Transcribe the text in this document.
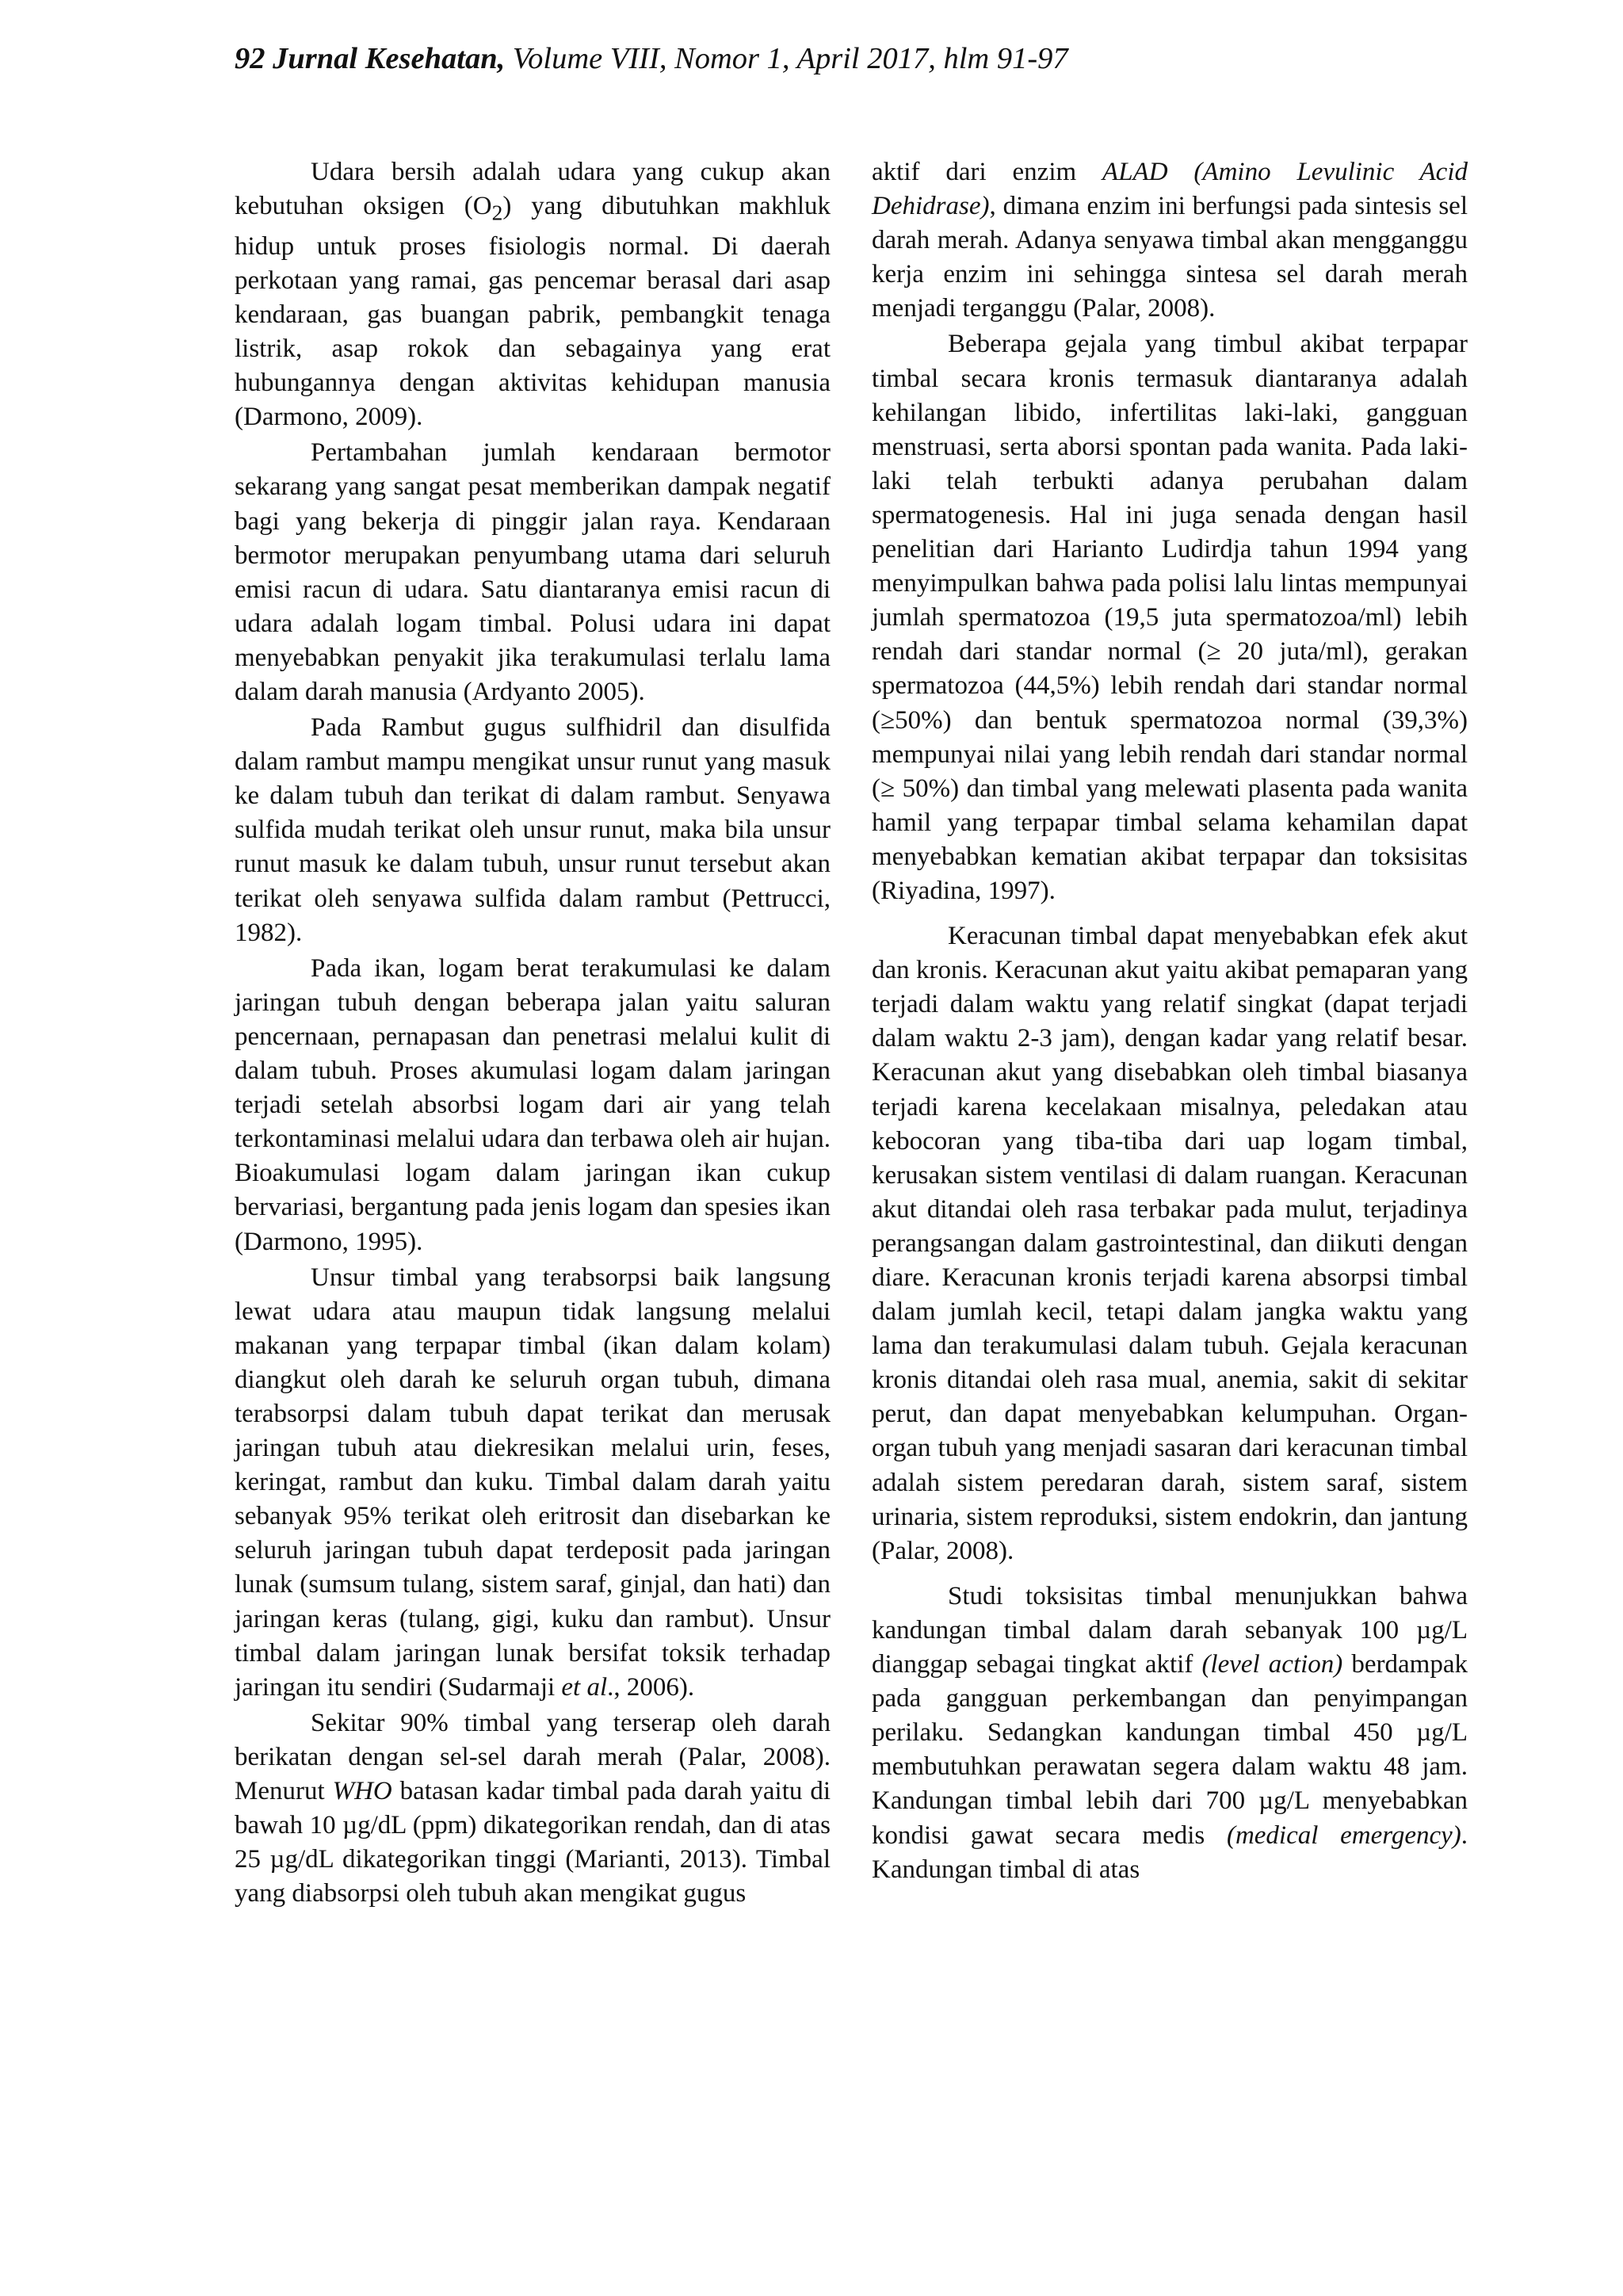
92 Jurnal Kesehatan, Volume VIII, Nomor 1, April 2017, hlm 91-97

Udara bersih adalah udara yang cukup akan kebutuhan oksigen $(O_2)$ yang dibutuhkan makhluk hidup untuk proses fisiologis normal. Di daerah perkotaan yang ramai, gas pencemar berasal dari asap kendaraan, gas buangan pabrik, pembangkit tenaga listrik, asap rokok dan sebagainya yang erat hubungannya dengan aktivitas kehidupan manusia (Darmono, 2009).

Pertambahan jumlah kendaraan bermotor sekarang yang sangat pesat memberikan dampak negatif bagi yang bekerja di pinggir jalan raya. Kendaraan bermotor merupakan penyumbang utama dari seluruh emisi racun di udara. Satu diantaranya emisi racun di udara adalah logam timbal. Polusi udara ini dapat menyebabkan penyakit jika terakumulasi terlalu lama dalam darah manusia (Ardyanto 2005).

Pada Rambut gugus sulfhidril dan disulfida dalam rambut mampu mengikat unsur runut yang masuk ke dalam tubuh dan terikat di dalam rambut. Senyawa sulfida mudah terikat oleh unsur runut, maka bila unsur runut masuk ke dalam tubuh, unsur runut tersebut akan terikat oleh senyawa sulfida dalam rambut (Pettrucci, 1982).

Pada ikan, logam berat terakumulasi ke dalam jaringan tubuh dengan beberapa jalan yaitu saluran pencernaan, pernapasan dan penetrasi melalui kulit di dalam tubuh. Proses akumulasi logam dalam jaringan terjadi setelah absorbsi logam dari air yang telah terkontaminasi melalui udara dan terbawa oleh air hujan. Bioakumulasi logam dalam jaringan ikan cukup bervariasi, bergantung pada jenis logam dan spesies ikan (Darmono, 1995).

Unsur timbal yang terabsorpsi baik langsung lewat udara atau maupun tidak langsung melalui makanan yang terpapar timbal (ikan dalam kolam) diangkut oleh darah ke seluruh organ tubuh, dimana terabsorpsi dalam tubuh dapat terikat dan merusak jaringan tubuh atau diekresikan melalui urin, feses, keringat, rambut dan kuku. Timbal dalam darah yaitu sebanyak 95% terikat oleh eritrosit dan disebarkan ke seluruh jaringan tubuh dapat terdeposit pada jaringan lunak (sumsum tulang, sistem saraf, ginjal, dan hati) dan jaringan keras (tulang, gigi, kuku dan rambut). Unsur timbal dalam jaringan lunak bersifat toksik terhadap jaringan itu sendiri (Sudarmaji et al., 2006).

Sekitar 90% timbal yang terserap oleh darah berikatan dengan sel-sel darah merah (Palar, 2008). Menurut WHO batasan kadar timbal pada darah yaitu di bawah 10 µg/dL (ppm) dikategorikan rendah, dan di atas 25 µg/dL dikategorikan tinggi (Marianti, 2013). Timbal yang diabsorpsi oleh tubuh akan mengikat gugus

aktif dari enzim ALAD (Amino Levulinic Acid Dehidrase), dimana enzim ini berfungsi pada sintesis sel darah merah. Adanya senyawa timbal akan mengganggu kerja enzim ini sehingga sintesa sel darah merah menjadi terganggu (Palar, 2008).

Beberapa gejala yang timbul akibat terpapar timbal secara kronis termasuk diantaranya adalah kehilangan libido, infertilitas laki-laki, gangguan menstruasi, serta aborsi spontan pada wanita. Pada laki-laki telah terbukti adanya perubahan dalam spermatogenesis. Hal ini juga senada dengan hasil penelitian dari Harianto Ludirdja tahun 1994 yang menyimpulkan bahwa pada polisi lalu lintas mempunyai jumlah spermatozoa (19,5 juta spermatozoa/ml) lebih rendah dari standar normal (≥ 20 juta/ml), gerakan spermatozoa (44,5%) lebih rendah dari standar normal (≥50%) dan bentuk spermatozoa normal (39,3%) mempunyai nilai yang lebih rendah dari standar normal (≥ 50%) dan timbal yang melewati plasenta pada wanita hamil yang terpapar timbal selama kehamilan dapat menyebabkan kematian akibat terpapar dan toksisitas (Riyadina, 1997).

Keracunan timbal dapat menyebabkan efek akut dan kronis. Keracunan akut yaitu akibat pemaparan yang terjadi dalam waktu yang relatif singkat (dapat terjadi dalam waktu 2-3 jam), dengan kadar yang relatif besar. Keracunan akut yang disebabkan oleh timbal biasanya terjadi karena kecelakaan misalnya, peledakan atau kebocoran yang tiba-tiba dari uap logam timbal, kerusakan sistem ventilasi di dalam ruangan. Keracunan akut ditandai oleh rasa terbakar pada mulut, terjadinya perangsangan dalam gastrointestinal, dan diikuti dengan diare. Keracunan kronis terjadi karena absorpsi timbal dalam jumlah kecil, tetapi dalam jangka waktu yang lama dan terakumulasi dalam tubuh. Gejala keracunan kronis ditandai oleh rasa mual, anemia, sakit di sekitar perut, dan dapat menyebabkan kelumpuhan. Organ-organ tubuh yang menjadi sasaran dari keracunan timbal adalah sistem peredaran darah, sistem saraf, sistem urinaria, sistem reproduksi, sistem endokrin, dan jantung (Palar, 2008).

Studi toksisitas timbal menunjukkan bahwa kandungan timbal dalam darah sebanyak 100 µg/L dianggap sebagai tingkat aktif (level action) berdampak pada gangguan perkembangan dan penyimpangan perilaku. Sedangkan kandungan timbal 450 µg/L membutuhkan perawatan segera dalam waktu 48 jam. Kandungan timbal lebih dari 700 µg/L menyebabkan kondisi gawat secara medis (medical emergency). Kandungan timbal di atas
